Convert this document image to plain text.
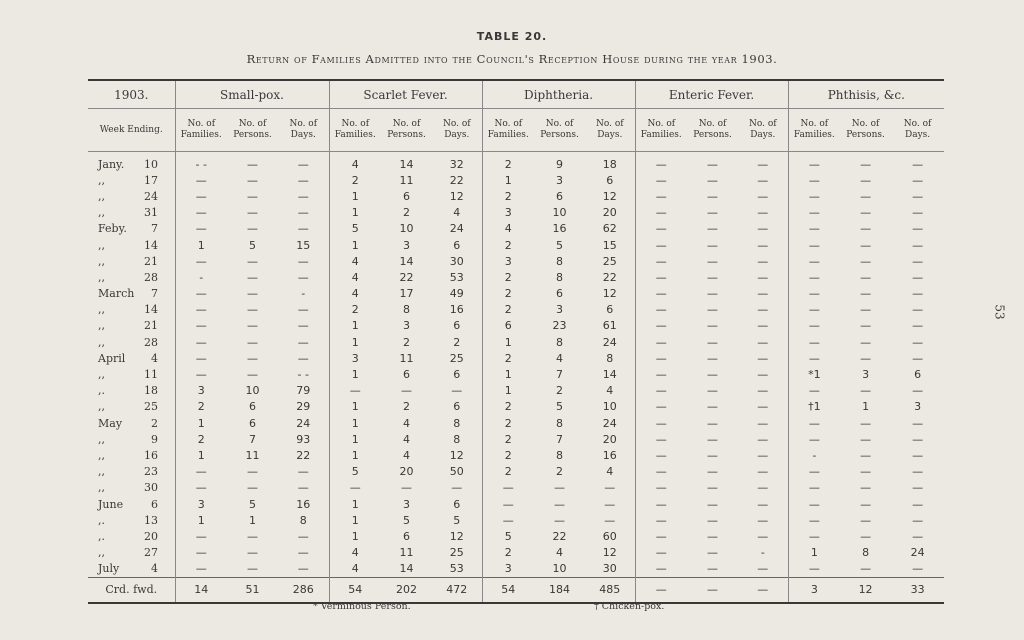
TABLE 20.
Return of Families Admitted into the Council's Reception House during the year 1903.
53
1903.	Small-pox.			Scarlet Fever.			Diphtheria.			Enteric Fever.			Phthisis, &c.		
Week Ending.	No. of Families.	No. of Persons.	No. of Days.	No. of Families.	No. of Persons.	No. of Days.	No. of Families.	No. of Persons.	No. of Days.	No. of Families.	No. of Persons.	No. of Days.	No. of Families.	No. of Persons.	No. of Days.
Jany. 10	- -	—	—	4	14	32	2	9	18	—	—	—	—	—	—
,, 17	—	—	—	2	11	22	1	3	6	—	—	—	—	—	—
,, 24	—	—	—	1	6	12	2	6	12	—	—	—	—	—	—
,, 31	—	—	—	1	2	4	3	10	20	—	—	—	—	—	—
Feby. 7	—	—	—	5	10	24	4	16	62	—	—	—	—	—	—
,, 14	1	5	15	1	3	6	2	5	15	—	—	—	—	—	—
,, 21	—	—	—	4	14	30	3	8	25	—	—	—	—	—	—
,, 28	-	—	—	4	22	53	2	8	22	—	—	—	—	—	—
March 7	—	—	-	4	17	49	2	6	12	—	—	—	—	—	—
,, 14	—	—	—	2	8	16	2	3	6	—	—	—	—	—	—
,, 21	—	—	—	1	3	6	6	23	61	—	—	—	—	—	—
,, 28	—	—	—	1	2	2	1	8	24	—	—	—	—	—	—
April 4	—	—	—	3	11	25	2	4	8	—	—	—	—	—	—
,, 11	—	—	- -	1	6	6	1	7	14	—	—	—	*1	3	6
,. 18	3	10	79	—	—	—	1	2	4	—	—	—	—	—	—
,, 25	2	6	29	1	2	6	2	5	10	—	—	—	†1	1	3
May 2	1	6	24	1	4	8	2	8	24	—	—	—	—	—	—
,, 9	2	7	93	1	4	8	2	7	20	—	—	—	—	—	—
,, 16	1	11	22	1	4	12	2	8	16	—	—	—	-	—	—
,, 23	—	—	—	5	20	50	2	2	4	—	—	—	—	—	—
,, 30	—	—	—	—	—	—	—	—	—	—	—	—	—	—	—
June 6	3	5	16	1	3	6	—	—	—	—	—	—	—	—	—
,. 13	1	1	8	1	5	5	—	—	—	—	—	—	—	—	—
,. 20	—	—	—	1	6	12	5	22	60	—	—	—	—	—	—
,, 27	—	—	—	4	11	25	2	4	12	—	—	-	1	8	24
July 4	—	—	—	4	14	53	3	10	30	—	—	—	—	—	—
Crd. fwd.	14	51	286	54	202	472	54	184	485	—	—	—	3	12	33
* Verminous Person.	† Chicken-pox.
